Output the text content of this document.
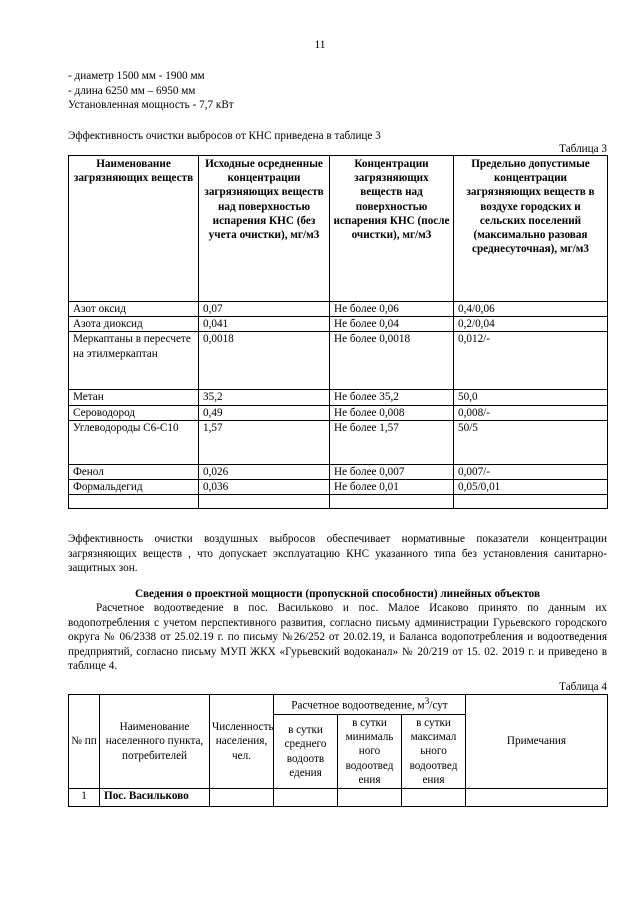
11
- диаметр 1500 мм - 1900 мм
- длина 6250 мм – 6950 мм
Установленная мощность - 7,7 кВт
Эффективность очистки выбросов от КНС приведена в таблице 3
Таблица 3
Наименование загрязняющих веществ	Исходные осредненные концентрации загрязняющих веществ над поверхностью испарения КНС (без учета очистки), мг/м3	Концентрации загрязняющих веществ над поверхностью испарения КНС (после очистки), мг/м3	Предельно допустимые концентрации загрязняющих веществ в воздухе городских и сельских поселений (максимально разовая среднесуточная), мг/м3
Азот оксид	0,07	Не более 0,06	0,4/0,06
Азота диоксид	0,041	Не более 0,04	0,2/0,04
Меркаптаны в пересчете на этилмеркаптан	0,0018	Не более 0,0018	0,012/-
Метан	35,2	Не более 35,2	50,0
Сероводород	0,49	Не более 0,008	0,008/-
Углеводороды С6-С10	1,57	Не более 1,57	50/5
Фенол	0,026	Не более 0,007	0,007/-
Формальдегид	0,036	Не более 0,01	0,05/0,01

Эффективность очистки воздушных выбросов обеспечивает нормативные показатели концентрации загрязняющих веществ , что допускает эксплуатацию КНС указанного типа без установления санитарно- защитных зон.
Сведения о проектной мощности (пропускной способности) линейных объектов
Расчетное водоотведение в пос. Васильково и пос. Малое Исаково принято по данным их водопотребления с учетом перспективного развития, согласно письму администрации Гурьевского городского округа № 06/2338 от 25.02.19 г. по письму №26/252 от 20.02.19, и Баланса водопотребления и водоотведения предприятий, согласно письму МУП ЖКХ «Гурьевский водоканал» № 20/219 от 15. 02. 2019 г. и приведено в таблице 4.
Таблица 4
№ пп	Наименование населенного пункта, потребителей	Численность населения, чел.	Расчетное водоотведение, $м^3$/сут			Примечания
			в сутки среднего водоотв едения	в сутки минималь ного водоотвед ения	в сутки максимал ьного водоотвед ения	
1	Пос. Васильково					
